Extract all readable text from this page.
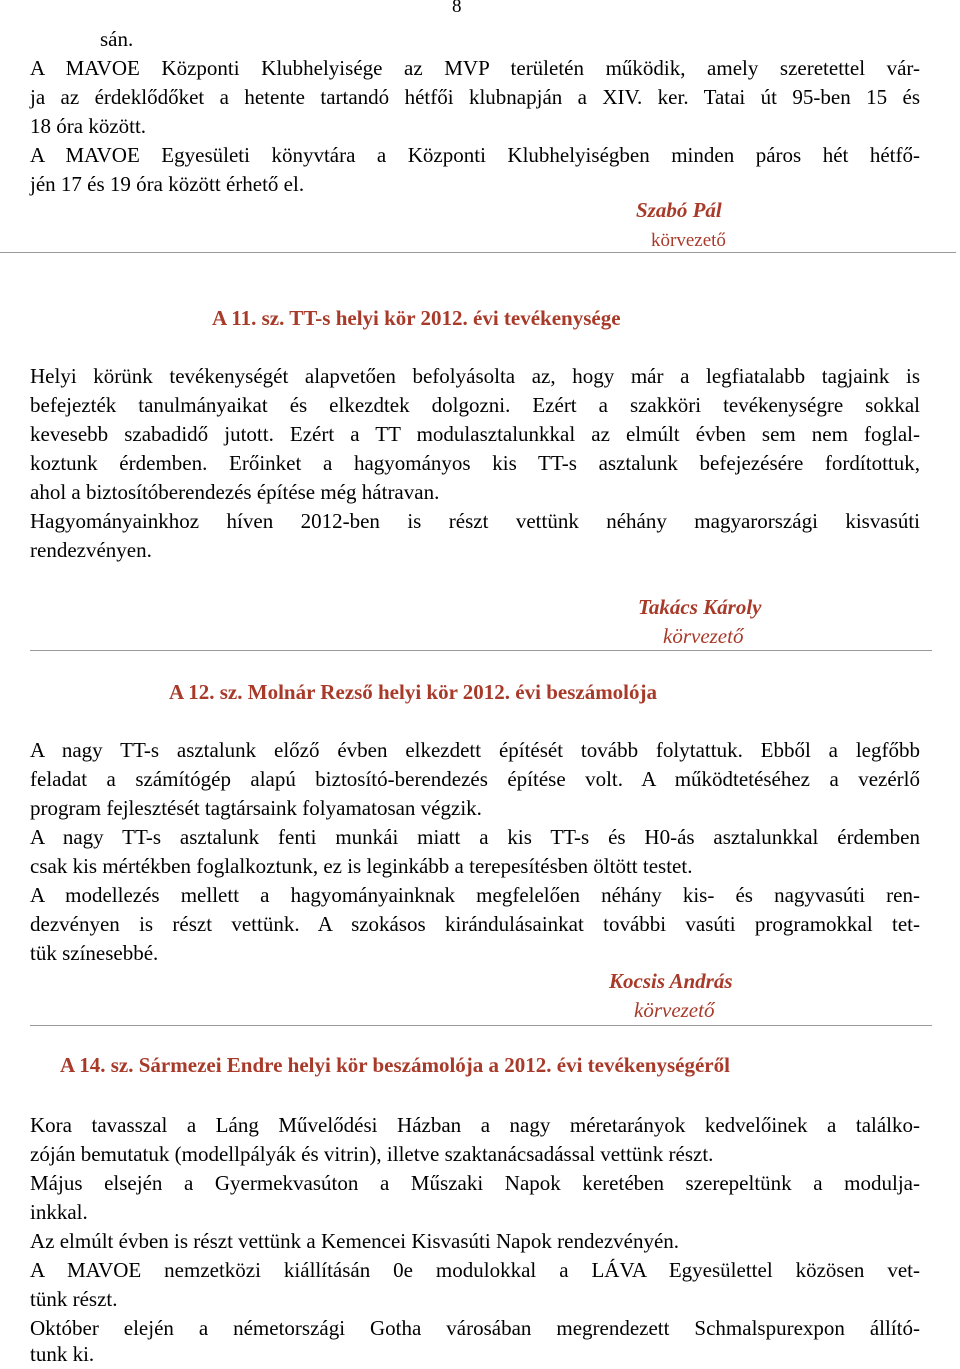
8
sán.
A MAVOE Központi Klubhelyisége az MVP területén működik, amely szeretettel vár-
ja az érdeklődőket a hetente tartandó hétfői klubnapján a XIV. ker. Tatai út 95-ben 15 és
18 óra között.
A MAVOE Egyesületi könyvtára a Központi Klubhelyiségben minden páros hét hétfő-
jén 17 és 19 óra között érhető el.
Szabó Pál
körvezető
A 11. sz. TT-s helyi kör 2012. évi tevékenysége
Helyi körünk tevékenységét alapvetően befolyásolta az, hogy már a legfiatalabb tagjaink is
befejezték tanulmányaikat és elkezdtek dolgozni. Ezért a szakköri tevékenységre sokkal
kevesebb szabadidő jutott. Ezért a TT modulasztalunkkal az elmúlt évben sem nem foglal-
koztunk érdemben. Erőinket a hagyományos kis TT-s asztalunk befejezésére fordítottuk,
ahol a biztosítóberendezés építése még hátravan.
Hagyományainkhoz híven 2012-ben is részt vettünk néhány magyarországi kisvasúti
rendezvényen.
Takács Károly
körvezető
A 12. sz. Molnár Rezső helyi kör 2012. évi beszámolója
A nagy TT-s asztalunk előző évben elkezdett építését tovább folytattuk. Ebből a legfőbb
feladat a számítógép alapú biztosító-berendezés építése volt. A működtetéséhez a vezérlő
program fejlesztését tagtársaink folyamatosan végzik.
A nagy TT-s asztalunk fenti munkái miatt a kis TT-s és H0-ás asztalunkkal érdemben
csak kis mértékben foglalkoztunk, ez is leginkább a terepesítésben öltött testet.
A modellezés mellett a hagyományainknak megfelelően néhány kis- és nagyvasúti ren-
dezvényen is részt vettünk. A szokásos kirándulásainkat további vasúti programokkal tet-
tük színesebbé.
Kocsis András
körvezető
A 14. sz. Sármezei Endre helyi kör beszámolója a 2012. évi tevékenységéről
Kora tavasszal a Láng Művelődési Házban a nagy méretarányok kedvelőinek a találko-
zóján bemutatuk (modellpályák és vitrin), illetve szaktanácsadással vettünk részt.
Május elsején a Gyermekvasúton a Műszaki Napok keretében szerepeltünk a modulja-
inkkal.
Az elmúlt évben is részt vettünk a Kemencei Kisvasúti Napok rendezvényén.
A MAVOE nemzetközi kiállításán 0e modulokkal a LÁVA Egyesülettel közösen vet-
tünk részt.
Október elején a németországi Gotha városában megrendezett Schmalspurexpon állító-
tunk ki.
